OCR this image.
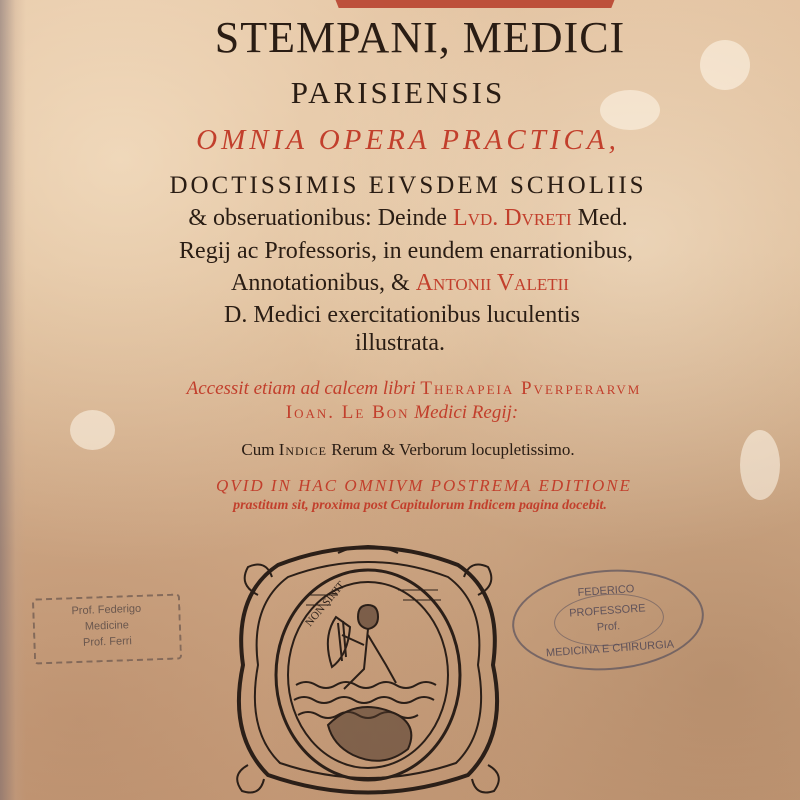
STEMPANI, MEDICI
PARISIENSIS
OMNIA OPERA PRACTICA,
DOCTISSIMIS EIVSDEM SCHOLIIS
& obseruationibus: Deinde Lvd. Dvreti Med.
Regij ac Professoris, in eundem enarrationibus,
Annotationibus, & Antonii Valetii
D. Medici exercitationibus luculentis
illustrata.
Accessit etiam ad calcem libri Therapeia Pverperarvm
Ioan. Le Bon Medici Regij:
Cum Indice Rerum & Verborum locupletissimo.
QVID IN HAC OMNIVM POSTREMA EDITIONE
prastitum sit, proxima post Capitulorum Indicem pagina docebit.
Prof. Federigo
Medicine
Prof. Ferri
FEDERICO
PROFESSORE
Prof.
MEDICINA E CHIRURGIA
NON SINIT
